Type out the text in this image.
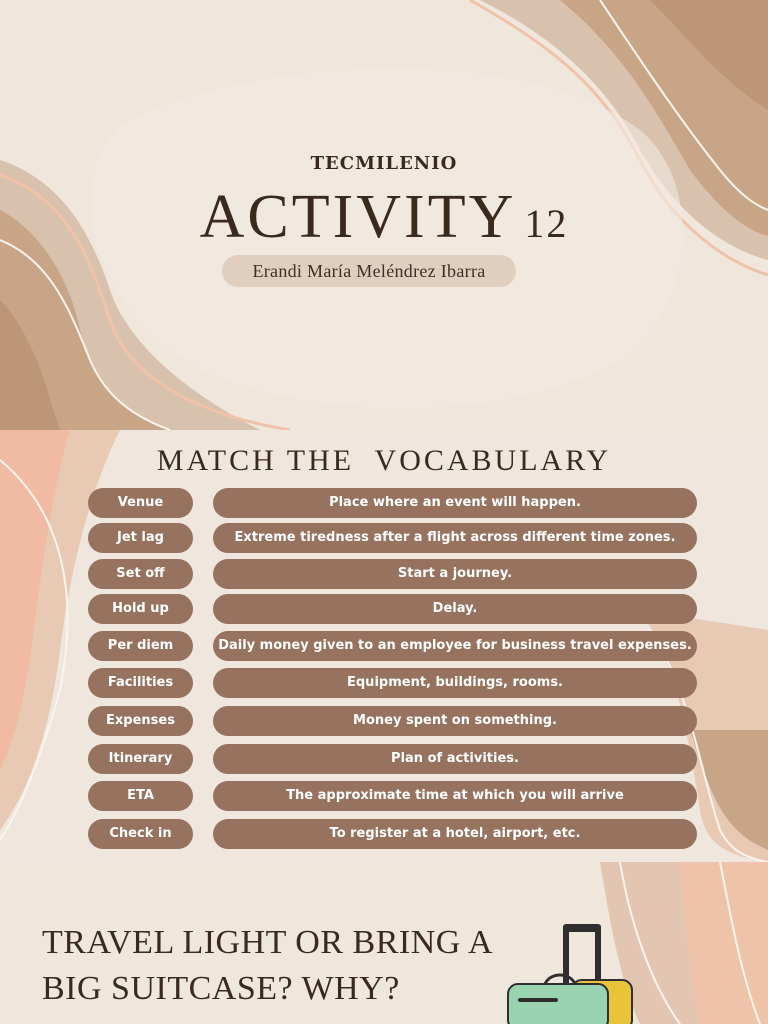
TECMILENIO
ACTIVITY 12
Erandi María Meléndrez Ibarra
MATCH THE  VOCABULARY
Venue	Place where an event will happen.
Jet lag	Extreme tiredness after a flight across different time zones.
Set off	Start a journey.
Hold up	Delay.
Per diem	Daily money given to an employee for business travel expenses.
Facilities	Equipment, buildings, rooms.
Expenses	Money spent on something.
Itinerary	Plan of activities.
ETA	The approximate time at which you will arrive
Check in	To register at a hotel, airport, etc.
TRAVEL LIGHT OR BRING A
BIG SUITCASE? WHY?
